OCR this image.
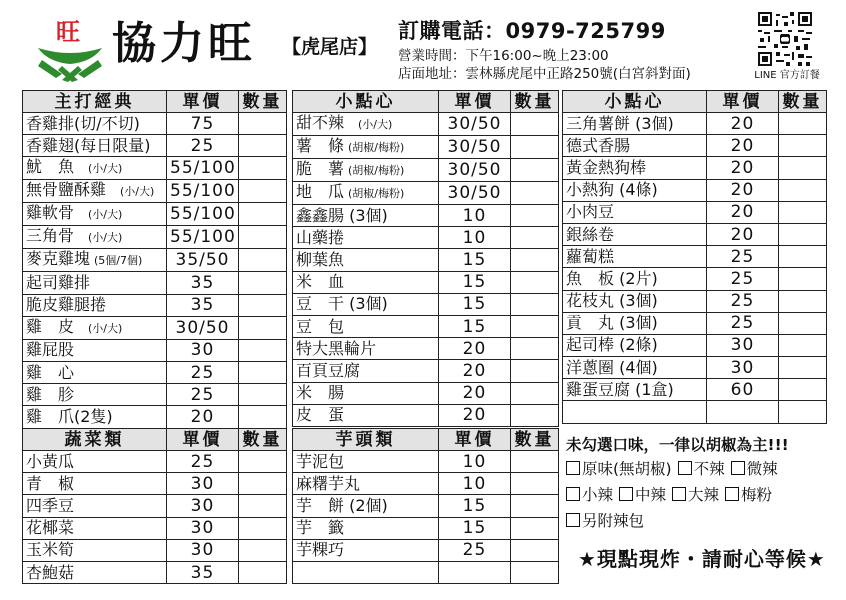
旺 協力旺 【虎尾店】
訂購電話：0979-725799
營業時間：下午16:00~晚上23:00
店面地址：雲林縣虎尾中正路250號(白宮斜對面)	LINE 官方訂餐
主打經典	單價	數量
香雞排(切/不切)	75	
香雞翅(每日限量)	25	
魷　魚 (小/大)	55/100	
無骨鹽酥雞 (小/大)	55/100	
雞軟骨 (小/大)	55/100	
三角骨 (小/大)	55/100	
麥克雞塊 (5個/7個)	35/50	
起司雞排	35	
脆皮雞腿捲	35	
雞　皮 (小/大)	30/50	
雞屁股	30	
雞　心	25	
雞　胗	25	
雞　爪(2隻)	20	
蔬菜類	單價	數量
小黃瓜	25	
青　椒	30	
四季豆	30	
花椰菜	30	
玉米筍	30	
杏鮑菇	35	
小點心	單價	數量
甜不辣 (小/大)	30/50	
薯　條 (胡椒/梅粉)	30/50	
脆　薯 (胡椒/梅粉)	30/50	
地　瓜 (胡椒/梅粉)	30/50	
鑫鑫腸 (3個)	10	
山藥捲	10	
柳葉魚	15	
米　血	15	
豆　干 (3個)	15	
豆　包	15	
特大黑輪片	20	
百頁豆腐	20	
米　腸	20	
皮　蛋	20	
芋頭類	單價	數量
芋泥包	10	
麻糬芋丸	10	
芋　餅 (2個)	15	
芋　籤	15	
芋粿巧	25	

小點心	單價	數量
三角薯餅 (3個)	20	
德式香腸	20	
黃金熱狗棒	20	
小熱狗 (4條)	20	
小肉豆	20	
銀絲卷	20	
蘿蔔糕	25	
魚　板 (2片)	25	
花枝丸 (3個)	25	
貢　丸 (3個)	25	
起司棒 (2條)	30	
洋蔥圈 (4個)	30	
雞蛋豆腐 (1盒)	60	

未勾選口味，一律以胡椒為主!!!
原味(無胡椒) 不辣 微辣
小辣 中辣 大辣 梅粉
另附辣包
★現點現炸・請耐心等候★
